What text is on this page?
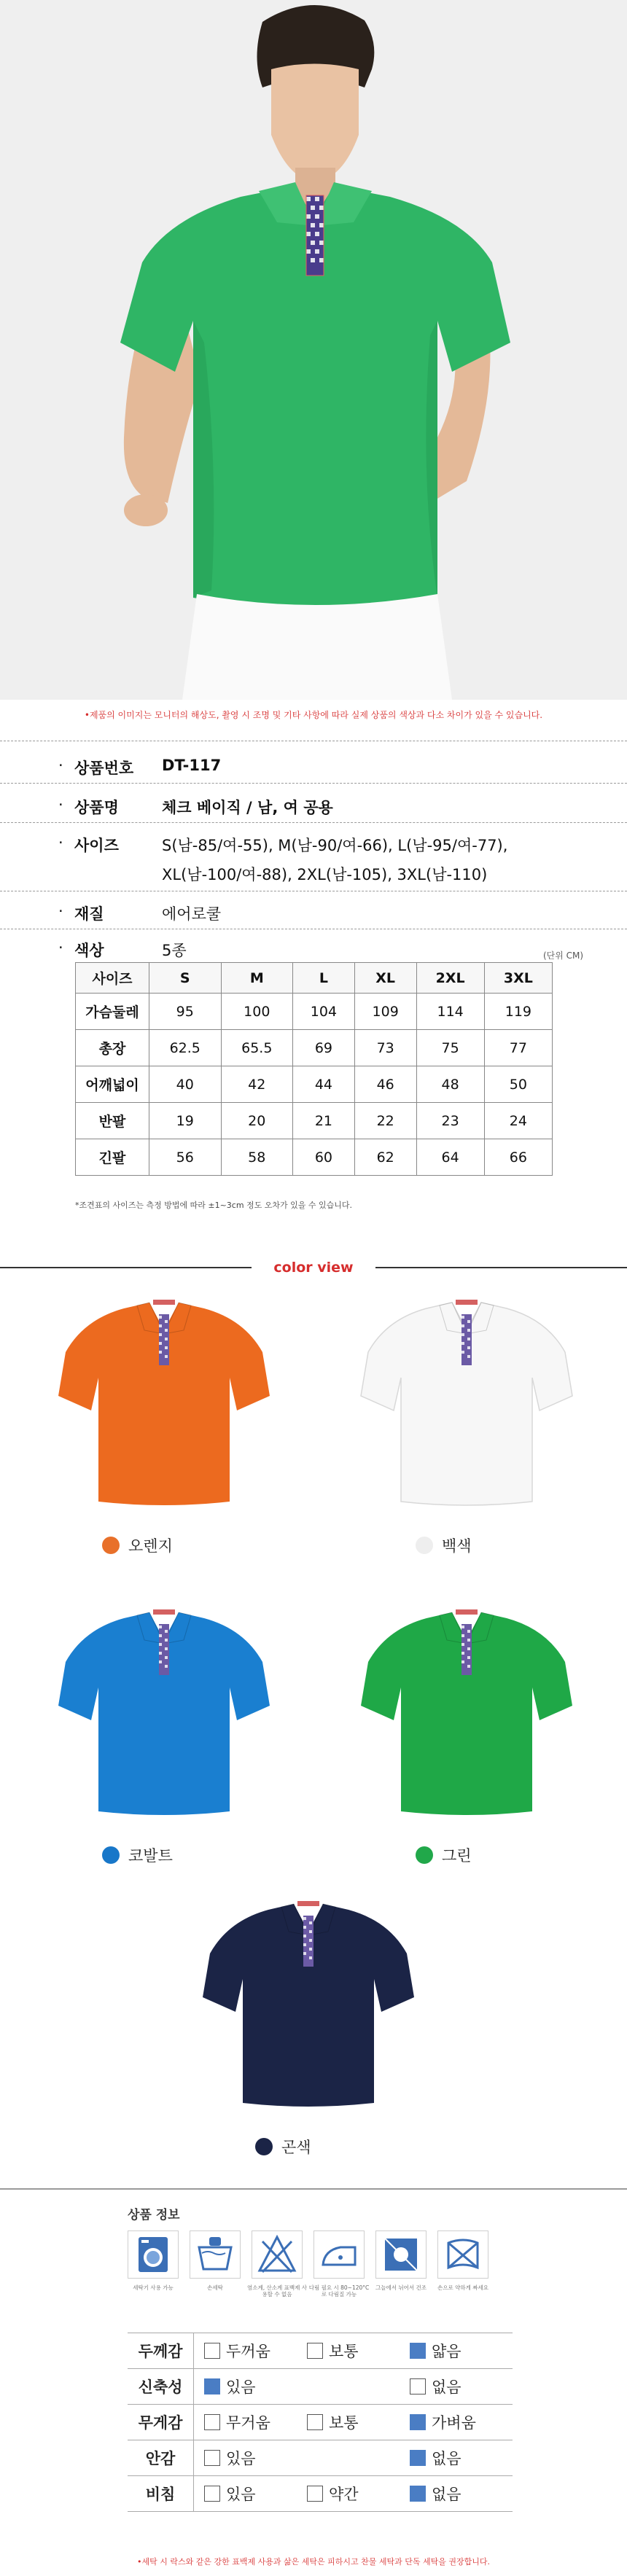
•제품의 이미지는 모니터의 해상도, 촬영 시 조명 및 기타 사항에 따라 실제 상품의 색상과 다소 차이가 있을 수 있습니다.
· 상품번호	DT-117
· 상품명	체크 베이직 / 남, 여 공용
· 사이즈	S(남-85/여-55), M(남-90/여-66), L(남-95/여-77),
XL(남-100/여-88), 2XL(남-105), 3XL(남-110)
· 재질	에어로쿨
· 색상	5종	(단위 CM)
사이즈	S	M	L	XL	2XL	3XL
가슴둘레	95	100	104	109	114	119
총장	62.5	65.5	69	73	75	77
어깨넓이	40	42	44	46	48	50
반팔	19	20	21	22	23	24
긴팔	56	58	60	62	64	66
*조견표의 사이즈는 측정 방법에 따라 ±1~3cm 정도 오차가 있을 수 있습니다.
color view
오렌지	백색
코발트	그린
곤색
상품 정보
세탁기 사용 가능	손세탁	염소계, 산소계 표백제 사용할 수 없음
다림 필요 시 80~120°C로 다림질 가능
그늘에서 뉘어서 건조	손으로 약하게 짜세요
두께감	두꺼움 보통 얇음

신축성	있음 없음

무게감	무거움 보통 가벼움

안감	있음 없음

비침	있음 약간 없음
•세탁 시 락스와 같은 강한 표백제 사용과 삶은 세탁은 피하시고 찬물 세탁과 단독 세탁을 권장합니다.
